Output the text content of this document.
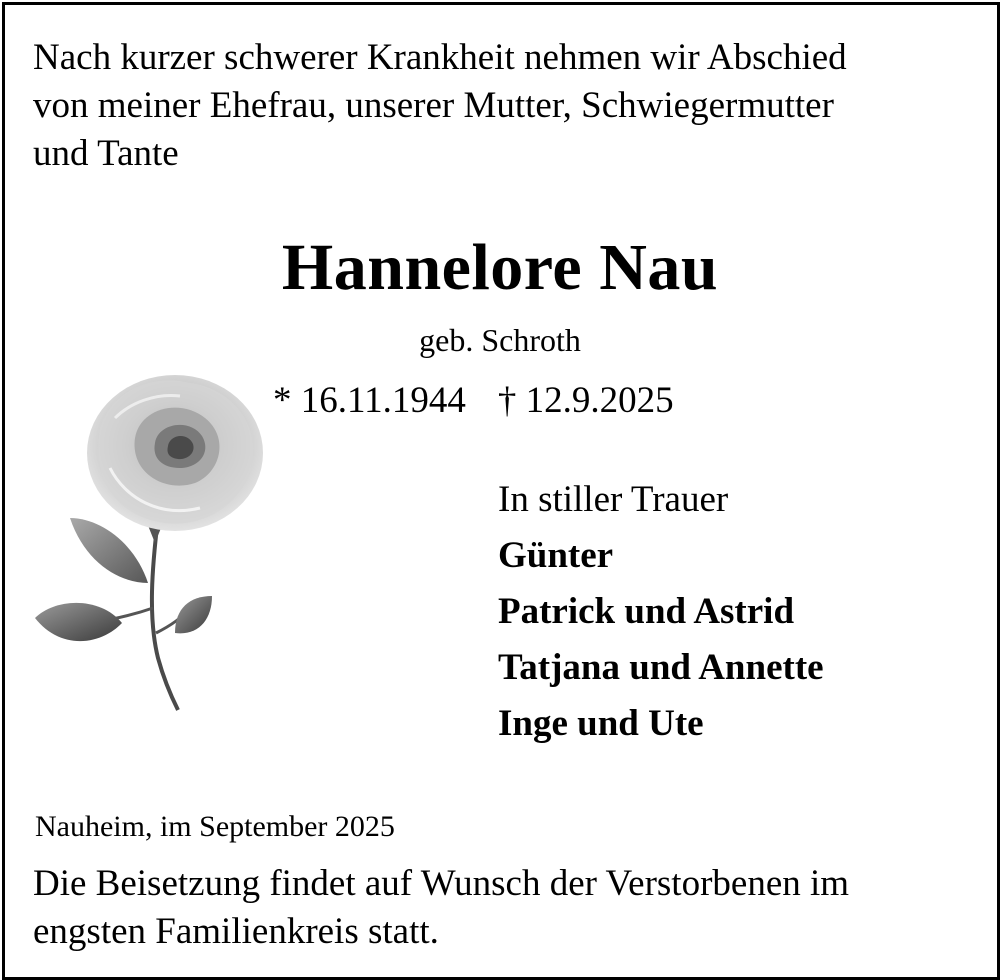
Nach kurzer schwerer Krankheit nehmen wir Abschied
von meiner Ehefrau, unserer Mutter, Schwiegermutter
und Tante
Hannelore Nau
geb. Schroth
* 16.11.1944 † 12.9.2025
In stiller Trauer
Günter
Patrick und Astrid
Tatjana und Annette
Inge und Ute
Nauheim, im September 2025
Die Beisetzung findet auf Wunsch der Verstorbenen im
engsten Familienkreis statt.
